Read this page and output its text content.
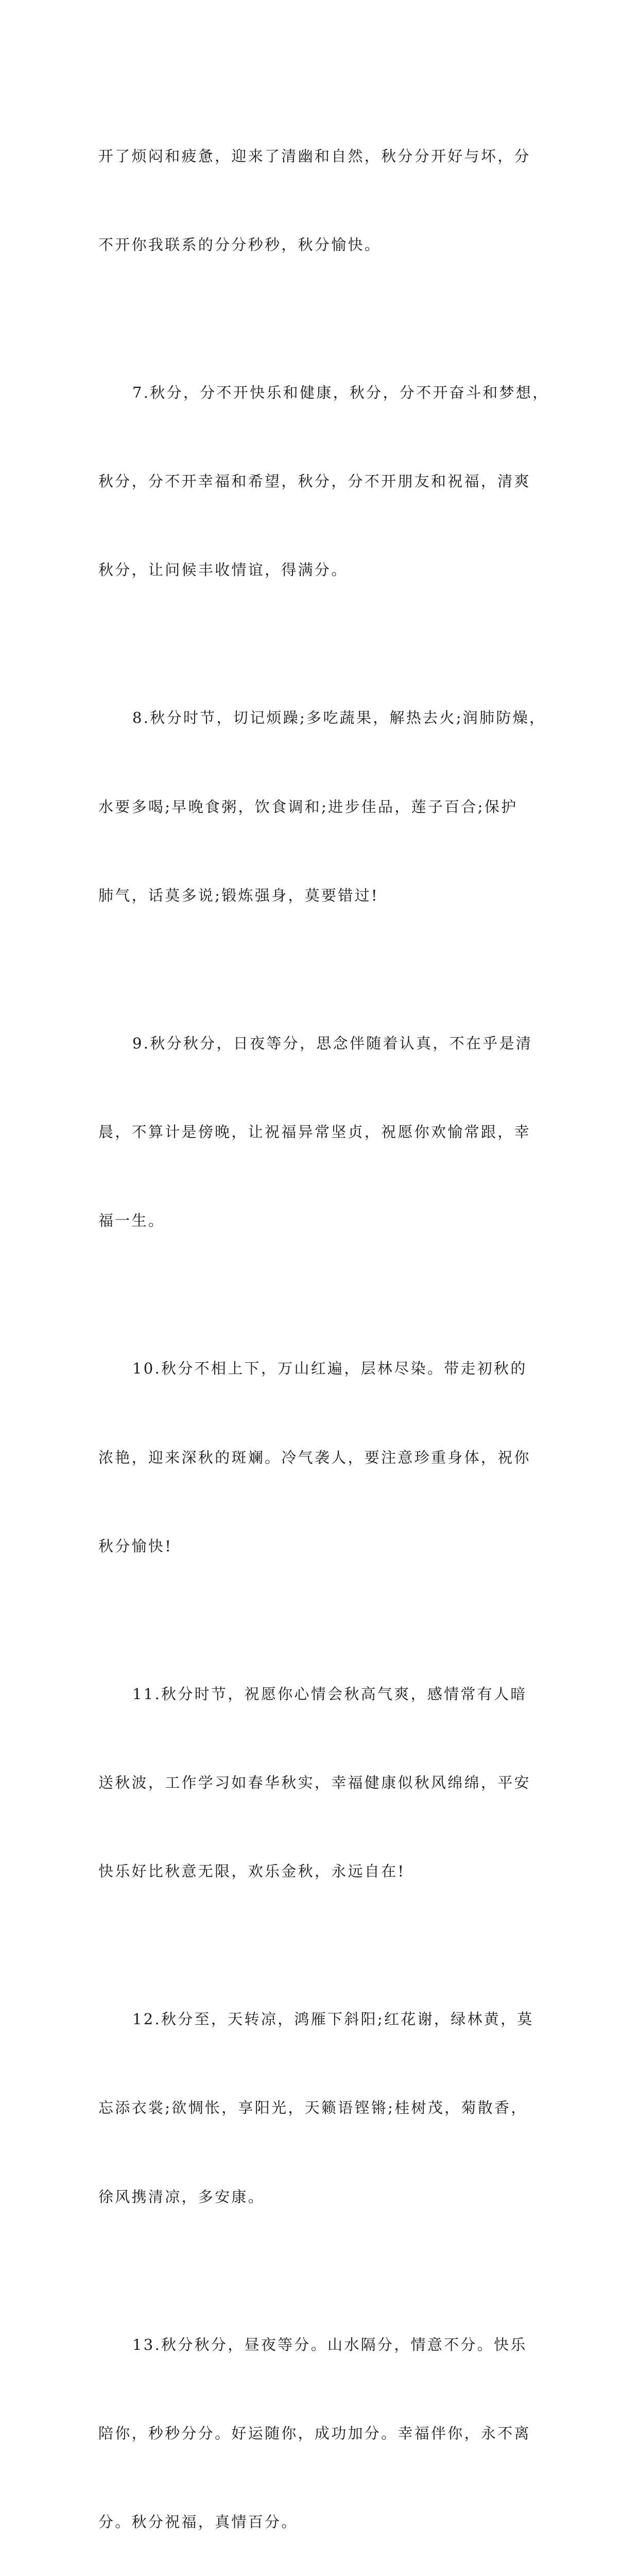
开了烦闷和疲惫，迎来了清幽和自然，秋分分开好与坏，分

不开你我联系的分分秒秒，秋分愉快。

7.秋分，分不开快乐和健康，秋分，分不开奋斗和梦想，

秋分，分不开幸福和希望，秋分，分不开朋友和祝福，清爽

秋分，让问候丰收情谊，得满分。

8.秋分时节，切记烦躁;多吃蔬果，解热去火;润肺防燥，

水要多喝;早晚食粥，饮食调和;进步佳品，莲子百合;保护

肺气，话莫多说;锻炼强身，莫要错过!

9.秋分秋分，日夜等分，思念伴随着认真，不在乎是清

晨，不算计是傍晚，让祝福异常坚贞，祝愿你欢愉常跟，幸

福一生。

10.秋分不相上下，万山红遍，层林尽染。带走初秋的

浓艳，迎来深秋的斑斓。冷气袭人，要注意珍重身体，祝你

秋分愉快!

11.秋分时节，祝愿你心情会秋高气爽，感情常有人暗

送秋波，工作学习如春华秋实，幸福健康似秋风绵绵，平安

快乐好比秋意无限，欢乐金秋，永远自在!

12.秋分至，天转凉，鸿雁下斜阳;红花谢，绿林黄，莫

忘添衣裳;欲惆怅，享阳光，天籁语铿锵;桂树茂，菊散香，

徐风携清凉，多安康。

13.秋分秋分，昼夜等分。山水隔分，情意不分。快乐

陪你，秒秒分分。好运随你，成功加分。幸福伴你，永不离

分。秋分祝福，真情百分。
